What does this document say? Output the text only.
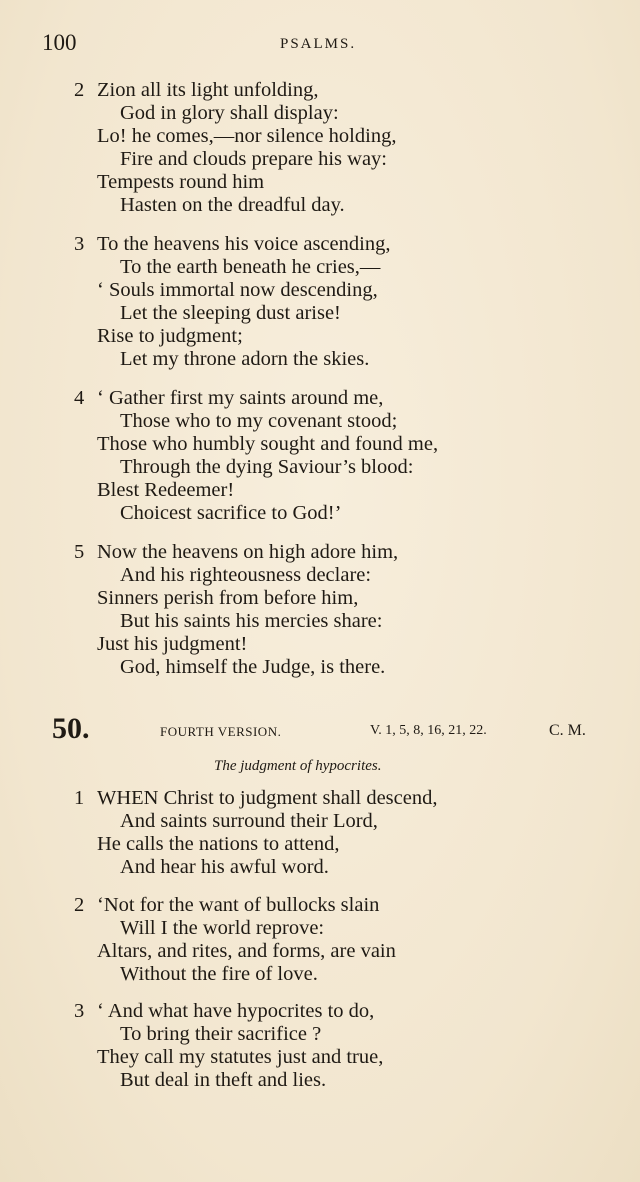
100	PSALMS.
2 Zion all its light unfolding,
God in glory shall display:
Lo! he comes,—nor silence holding,
Fire and clouds prepare his way:
Tempests round him
Hasten on the dreadful day.
3 To the heavens his voice ascending,
To the earth beneath he cries,—
‘ Souls immortal now descending,
Let the sleeping dust arise!
Rise to judgment;
Let my throne adorn the skies.
4 ‘ Gather first my saints around me,
Those who to my covenant stood;
Those who humbly sought and found me,
Through the dying Saviour’s blood:
Blest Redeemer!
Choicest sacrifice to God!’
5 Now the heavens on high adore him,
And his righteousness declare:
Sinners perish from before him,
But his saints his mercies share:
Just his judgment!
God, himself the Judge, is there.
50.	FOURTH VERSION.	V. 1, 5, 8, 16, 21, 22.	C. M.
The judgment of hypocrites.
1 WHEN Christ to judgment shall descend,
And saints surround their Lord,
He calls the nations to attend,
And hear his awful word.
2 ‘Not for the want of bullocks slain
Will I the world reprove:
Altars, and rites, and forms, are vain
Without the fire of love.
3 ‘ And what have hypocrites to do,
To bring their sacrifice ?
They call my statutes just and true,
But deal in theft and lies.
